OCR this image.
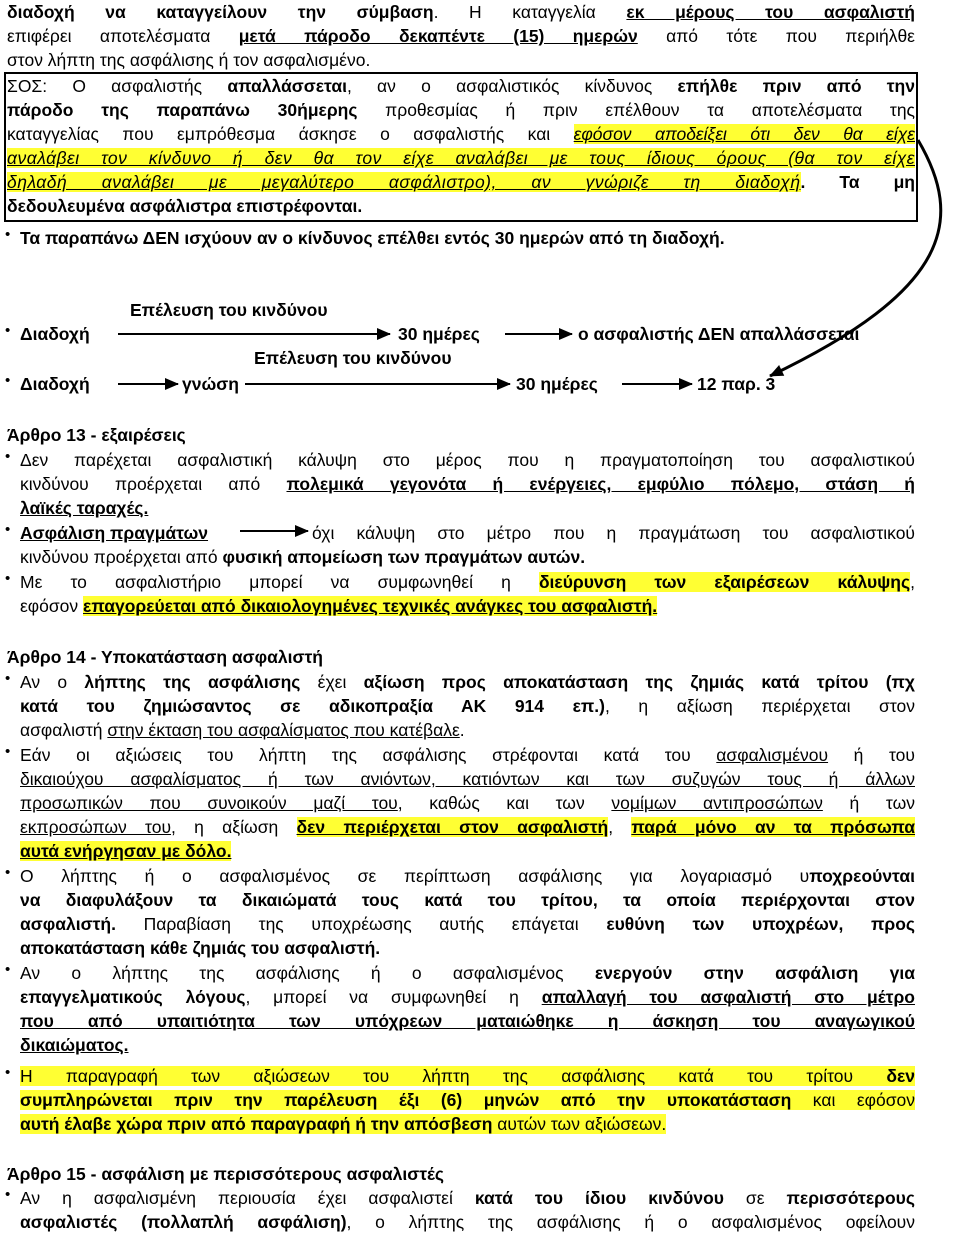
διαδοχή να καταγγείλουν την σύμβαση. Η καταγγελία εκ μέρους του ασφαλιστή
επιφέρει αποτελέσματα μετά πάροδο δεκαπέντε (15) ημερών από τότε που περιήλθε
στον λήπτη της ασφάλισης ή τον ασφαλισμένο.
ΣΟΣ: Ο ασφαλιστής απαλλάσσεται, αν ο ασφαλιστικός κίνδυνος επήλθε πριν από την
πάροδο της παραπάνω 30ήμερης προθεσμίας ή πριν επέλθουν τα αποτελέσματα της
καταγγελίας που εμπρόθεσμα άσκησε ο ασφαλιστής και εφόσον αποδείξει ότι δεν θα είχε
αναλάβει τον κίνδυνο ή δεν θα τον είχε αναλάβει με τους ίδιους όρους (θα τον είχε
δηλαδή αναλάβει με μεγαλύτερο ασφάλιστρο), αν γνώριζε τη διαδοχή. Τα μη
δεδουλευμένα ασφάλιστρα επιστρέφονται.
• Τα παραπάνω ΔΕΝ ισχύουν αν ο κίνδυνος επέλθει εντός 30 ημερών από τη διαδοχή.
Επέλευση του κινδύνου
• Διαδοχή	30 ημέρες	ο ασφαλιστής ΔΕΝ απαλλάσσεται
Επέλευση του κινδύνου
• Διαδοχή	γνώση	30 ημέρες	12 παρ. 3
Άρθρο 13 - εξαιρέσεις
• Δεν παρέχεται ασφαλιστική κάλυψη στο μέρος που η πραγματοποίηση του ασφαλιστικού
κινδύνου προέρχεται από πολεμικά γεγονότα ή ενέργειες, εμφύλιο πόλεμο, στάση ή
λαϊκές ταραχές.
• Ασφάλιση πραγμάτων	όχι κάλυψη στο μέτρο που η πραγμάτωση του ασφαλιστικού
κινδύνου προέρχεται από φυσική απομείωση των πραγμάτων αυτών.
• Με το ασφαλιστήριο μπορεί να συμφωνηθεί η διεύρυνση των εξαιρέσεων κάλυψης,
εφόσον επαγορεύεται από δικαιολογημένες τεχνικές ανάγκες του ασφαλιστή.
Άρθρο 14 - Υποκατάσταση ασφαλιστή
• Αν ο λήπτης της ασφάλισης έχει αξίωση προς αποκατάσταση της ζημιάς κατά τρίτου (πχ
κατά του ζημιώσαντος σε αδικοπραξία ΑΚ 914 επ.), η αξίωση περιέρχεται στον
ασφαλιστή στην έκταση του ασφαλίσματος που κατέβαλε.
• Εάν οι αξιώσεις του λήπτη της ασφάλισης στρέφονται κατά του ασφαλισμένου ή του
δικαιούχου ασφαλίσματος ή των ανιόντων, κατιόντων και των συζυγών τους ή άλλων
προσωπικών που συνοικούν μαζί του, καθώς και των νομίμων αντιπροσώπων ή των
εκπροσώπων του, η αξίωση δεν περιέρχεται στον ασφαλιστή, παρά μόνο αν τα πρόσωπα
αυτά ενήργησαν με δόλο.
• Ο λήπτης ή ο ασφαλισμένος σε περίπτωση ασφάλισης για λογαριασμό υποχρεούνται
να διαφυλάξουν τα δικαιώματά τους κατά του τρίτου, τα οποία περιέρχονται στον
ασφαλιστή. Παραβίαση της υποχρέωσης αυτής επάγεται ευθύνη των υποχρέων, προς
αποκατάσταση κάθε ζημιάς του ασφαλιστή.
• Αν ο λήπτης της ασφάλισης ή ο ασφαλισμένος ενεργούν στην ασφάλιση για
επαγγελματικούς λόγους, μπορεί να συμφωνηθεί η απαλλαγή του ασφαλιστή στο μέτρο
που από υπαιτιότητα των υπόχρεων ματαιώθηκε η άσκηση του αναγωγικού
δικαιώματος.
• Η παραγραφή των αξιώσεων του λήπτη της ασφάλισης κατά του τρίτου δεν
συμπληρώνεται πριν την παρέλευση έξι (6) μηνών από την υποκατάσταση και εφόσον
αυτή έλαβε χώρα πριν από παραγραφή ή την απόσβεση αυτών των αξιώσεων.
Άρθρο 15 - ασφάλιση με περισσότερους ασφαλιστές
• Αν η ασφαλισμένη περιουσία έχει ασφαλιστεί κατά του ίδιου κινδύνου σε περισσότερους
ασφαλιστές (πολλαπλή ασφάλιση), ο λήπτης της ασφάλισης ή ο ασφαλισμένος οφείλουν
